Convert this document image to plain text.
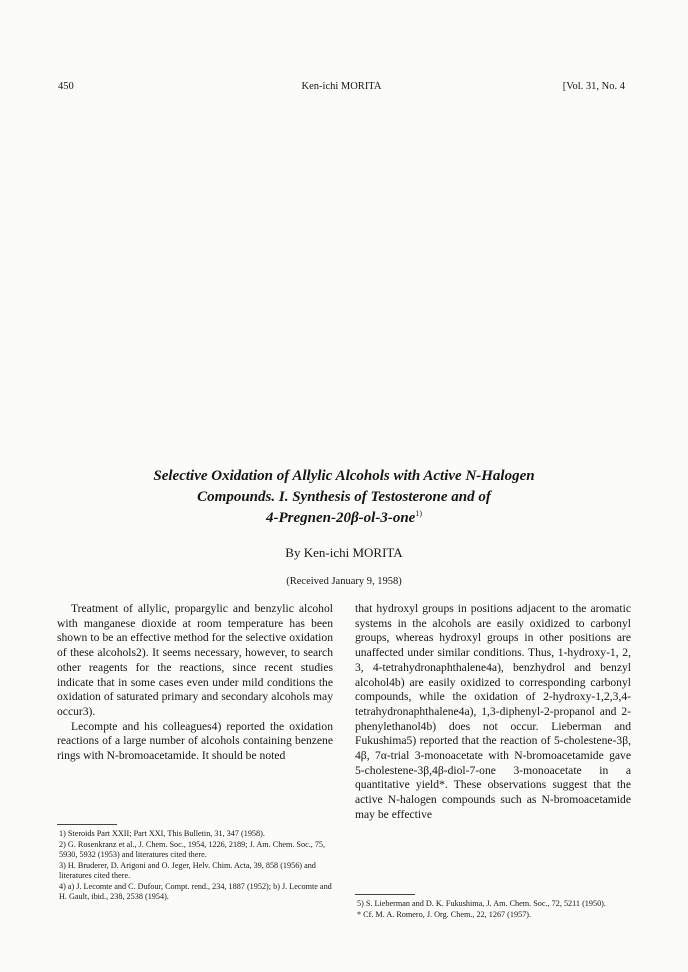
450	Ken-ichi MORITA	[Vol. 31, No. 4
Selective Oxidation of Allylic Alcohols with Active N-Halogen
Compounds. I. Synthesis of Testosterone and of
4-Pregnen-20β-ol-3-one$^{1)}$
By Ken-ichi MORITA
(Received January 9, 1958)

Treatment of allylic, propargylic and benzylic alcohol with manganese dioxide at room temperature has been shown to be an effective method for the selective oxidation of these alcohols2). It seems necessary, however, to search other reagents for the reactions, since recent studies indicate that in some cases even under mild conditions the oxidation of saturated primary and secondary alcohols may occur3).

Lecompte and his colleagues4) reported the oxidation reactions of a large number of alcohols containing benzene rings with N-bromoacetamide. It should be noted

that hydroxyl groups in positions adjacent to the aromatic systems in the alcohols are easily oxidized to carbonyl groups, whereas hydroxyl groups in other positions are unaffected under similar conditions. Thus, 1-hydroxy-1, 2, 3, 4-tetrahydronaphthalene4a), benzhydrol and benzyl alcohol4b) are easily oxidized to corresponding carbonyl compounds, while the oxidation of 2-hydroxy-1,2,3,4-tetrahydronaphthalene4a), 1,3-diphenyl-2-propanol and 2-phenylethanol4b) does not occur. Lieberman and Fukushima5) reported that the reaction of 5-cholestene-3β, 4β, 7α-trial 3-monoacetate with N-bromoacetamide gave 5-cholestene-3β,4β-diol-7-one 3-monoacetate in a quantitative yield*. These observations suggest that the active N-halogen compounds such as N-bromoacetamide may be effective

1) Steroids Part XXII; Part XXI, This Bulletin, 31, 347 (1958).
2) G. Rosenkranz et al., J. Chem. Soc., 1954, 1226, 2189; J. Am. Chem. Soc., 75, 5930, 5932 (1953) and literatures cited there.
3) H. Bruderer, D. Arigoni and O. Jeger, Helv. Chim. Acta, 39, 858 (1956) and literatures cited there.
4) a) J. Lecomte and C. Dufour, Compt. rend., 234, 1887 (1952); b) J. Lecomte and H. Gault, ibid., 238, 2538 (1954).
5) S. Lieberman and D. K. Fukushima, J. Am. Chem. Soc., 72, 5211 (1950).
* Cf. M. A. Romero, J. Org. Chem., 22, 1267 (1957).
